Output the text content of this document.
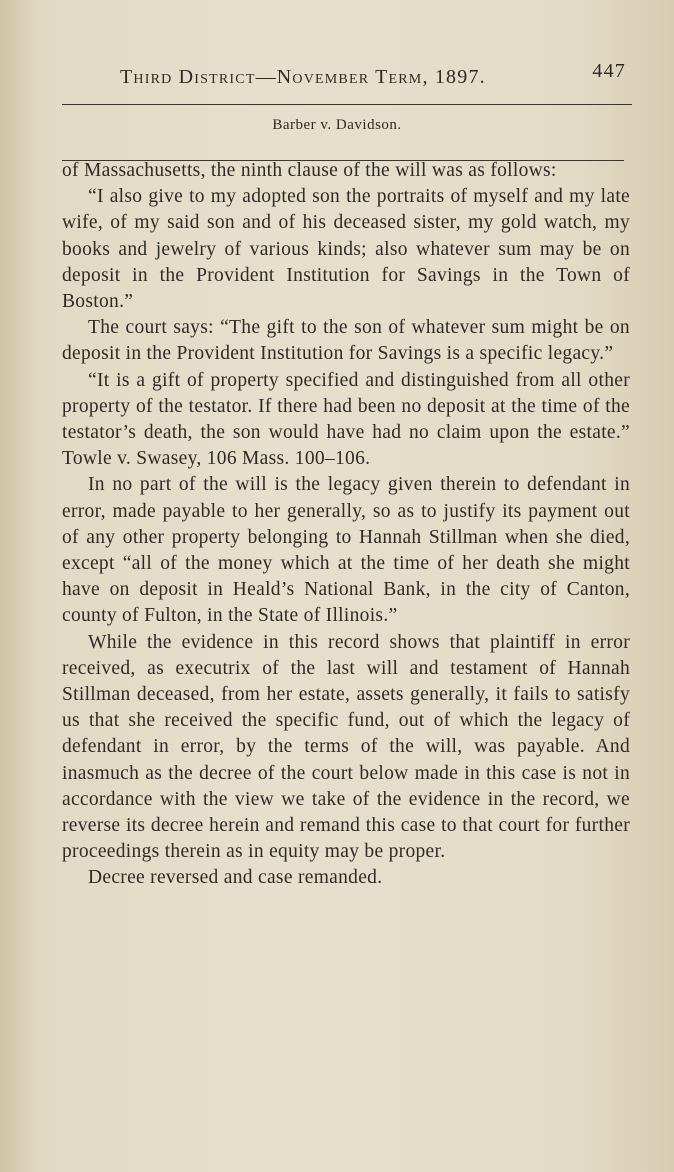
Third District—November Term, 1897.	447
Barber v. Davidson.

of Massachusetts, the ninth clause of the will was as follows:

“I also give to my adopted son the portraits of myself and my late wife, of my said son and of his deceased sister, my gold watch, my books and jewelry of various kinds; also whatever sum may be on deposit in the Provident Institution for Savings in the Town of Boston.”

The court says: “The gift to the son of whatever sum might be on deposit in the Provident Institution for Savings is a specific legacy.”

“It is a gift of property specified and distinguished from all other property of the testator. If there had been no deposit at the time of the testator’s death, the son would have had no claim upon the estate.” Towle v. Swasey, 106 Mass. 100–106.

In no part of the will is the legacy given therein to defendant in error, made payable to her generally, so as to justify its payment out of any other property belonging to Hannah Stillman when she died, except “all of the money which at the time of her death she might have on deposit in Heald’s National Bank, in the city of Canton, county of Fulton, in the State of Illinois.”

While the evidence in this record shows that plaintiff in error received, as executrix of the last will and testament of Hannah Stillman deceased, from her estate, assets generally, it fails to satisfy us that she received the specific fund, out of which the legacy of defendant in error, by the terms of the will, was payable. And inasmuch as the decree of the court below made in this case is not in accordance with the view we take of the evidence in the record, we reverse its decree herein and remand this case to that court for further proceedings therein as in equity may be proper.

Decree reversed and case remanded.
